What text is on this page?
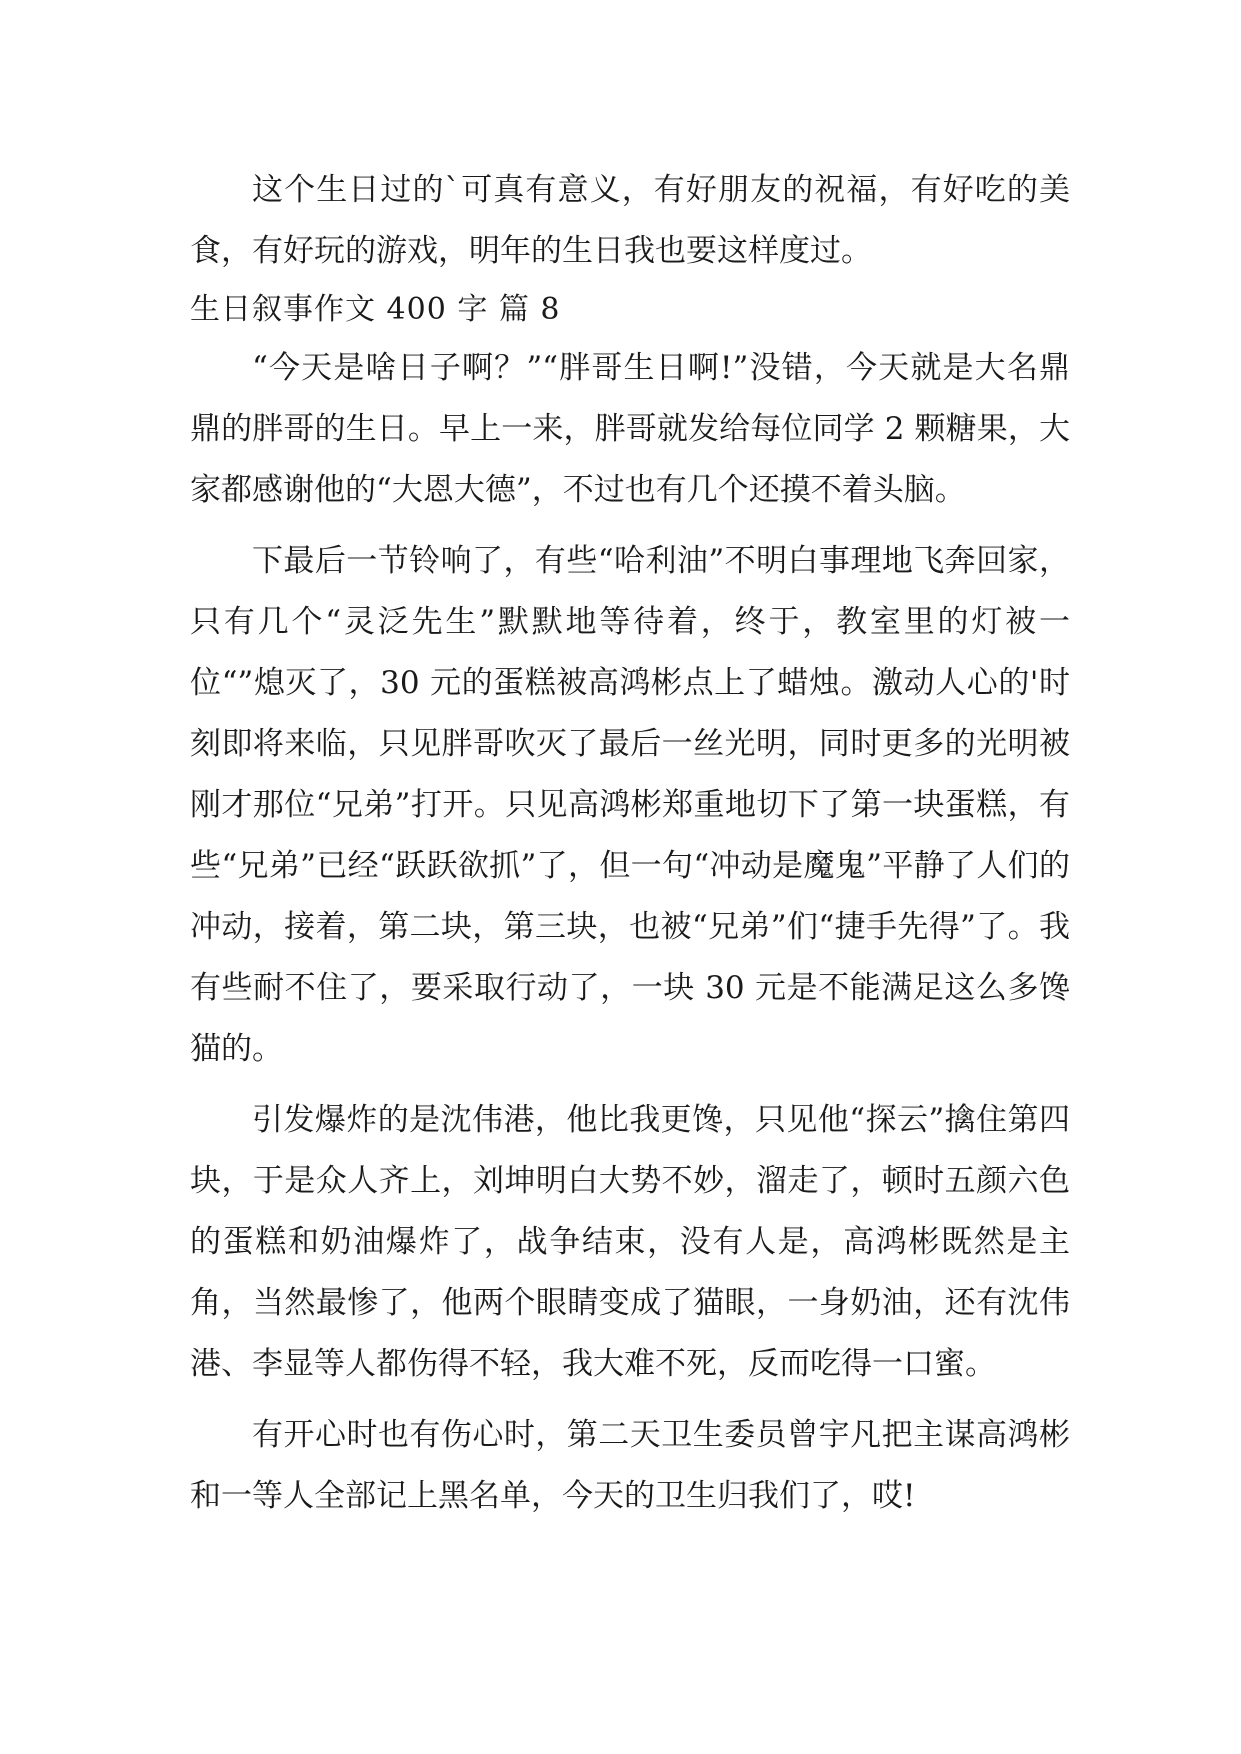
这个生日过的`可真有意义，有好朋友的祝福，有好吃的美食，有好玩的游戏，明年的生日我也要这样度过。

生日叙事作文 400 字 篇 8

“今天是啥日子啊？”“胖哥生日啊!”没错，今天就是大名鼎鼎的胖哥的生日。早上一来，胖哥就发给每位同学 2 颗糖果，大家都感谢他的“大恩大德”，不过也有几个还摸不着头脑。

下最后一节铃响了，有些“哈利油”不明白事理地飞奔回家，只有几个“灵泛先生”默默地等待着，终于，教室里的灯被一位“”熄灭了，30 元的蛋糕被高鸿彬点上了蜡烛。激动人心的'时刻即将来临，只见胖哥吹灭了最后一丝光明，同时更多的光明被刚才那位“兄弟”打开。只见高鸿彬郑重地切下了第一块蛋糕，有些“兄弟”已经“跃跃欲抓”了，但一句“冲动是魔鬼”平静了人们的冲动，接着，第二块，第三块，也被“兄弟”们“捷手先得”了。我有些耐不住了，要采取行动了，一块 30 元是不能满足这么多馋猫的。

引发爆炸的是沈伟港，他比我更馋，只见他“探云”擒住第四块，于是众人齐上，刘坤明白大势不妙，溜走了，顿时五颜六色的蛋糕和奶油爆炸了，战争结束，没有人是，高鸿彬既然是主角，当然最惨了，他两个眼睛变成了猫眼，一身奶油，还有沈伟港、李显等人都伤得不轻，我大难不死，反而吃得一口蜜。

有开心时也有伤心时，第二天卫生委员曾宇凡把主谋高鸿彬和一等人全部记上黑名单，今天的卫生归我们了，哎!
